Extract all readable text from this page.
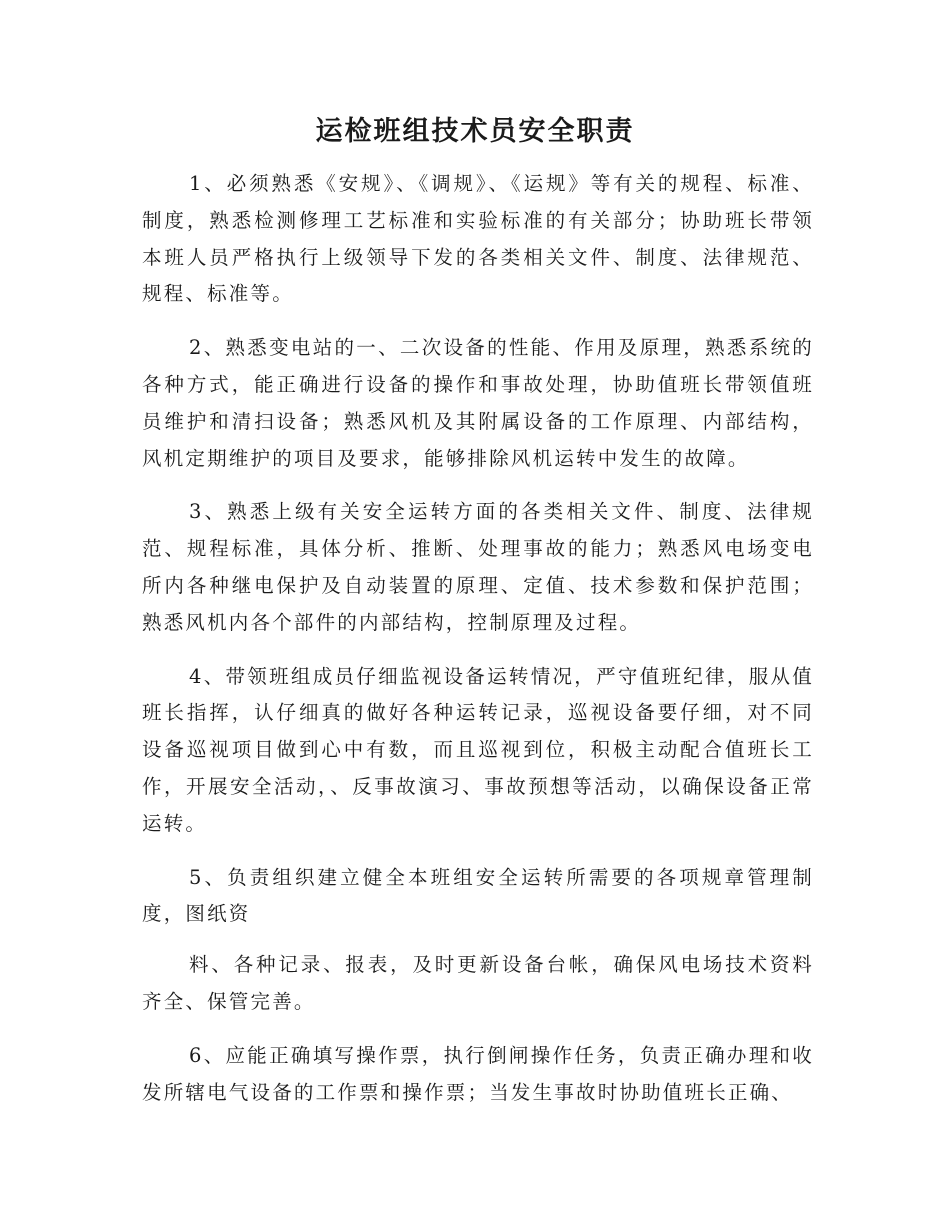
运检班组技术员安全职责

1、必须熟悉《安规》、《调规》、《运规》等有关的规程、标准、制度，熟悉检测修理工艺标准和实验标准的有关部分；协助班长带领本班人员严格执行上级领导下发的各类相关文件、制度、法律规范、规程、标准等。

2、熟悉变电站的一、二次设备的性能、作用及原理，熟悉系统的各种方式，能正确进行设备的操作和事故处理，协助值班长带领值班员维护和清扫设备；熟悉风机及其附属设备的工作原理、内部结构，风机定期维护的项目及要求，能够排除风机运转中发生的故障。

3、熟悉上级有关安全运转方面的各类相关文件、制度、法律规范、规程标准，具体分析、推断、处理事故的能力；熟悉风电场变电所内各种继电保护及自动装置的原理、定值、技术参数和保护范围；熟悉风机内各个部件的内部结构，控制原理及过程。

4、带领班组成员仔细监视设备运转情况，严守值班纪律，服从值班长指挥，认仔细真的做好各种运转记录，巡视设备要仔细，对不同设备巡视项目做到心中有数，而且巡视到位，积极主动配合值班长工作，开展安全活动，、反事故演习、事故预想等活动，以确保设备正常运转。

5、负责组织建立健全本班组安全运转所需要的各项规章管理制度，图纸资

料、各种记录、报表，及时更新设备台帐，确保风电场技术资料齐全、保管完善。

6、应能正确填写操作票，执行倒闸操作任务，负责正确办理和收发所辖电气设备的工作票和操作票；当发生事故时协助值班长正确、
